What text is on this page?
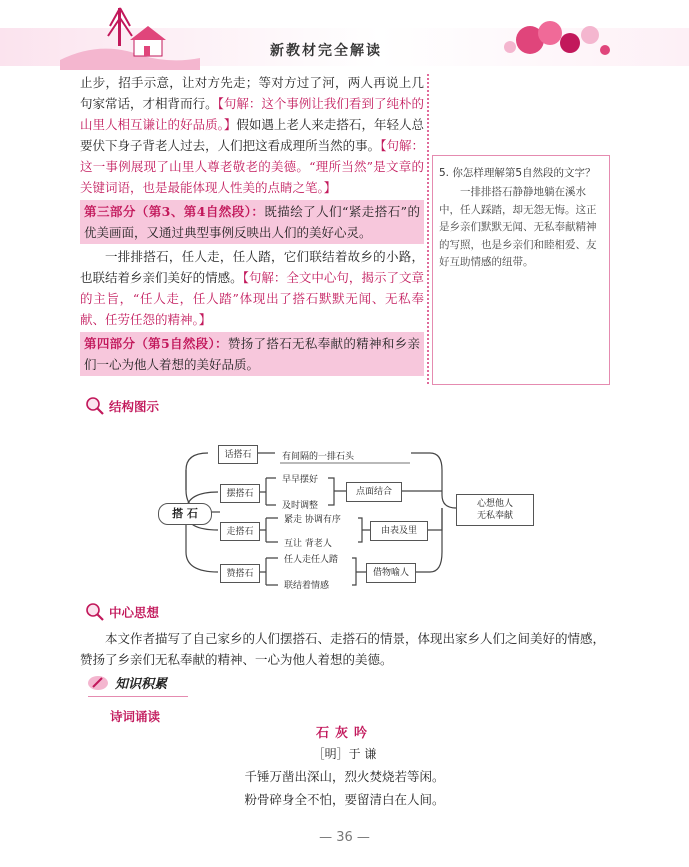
新教材完全解读

止步，招手示意，让对方先走；等对方过了河，两人再说上几句家常话，才相背而行。【句解：这个事例让我们看到了纯朴的山里人相互谦让的好品质。】假如遇上老人来走搭石，年轻人总要伏下身子背老人过去，人们把这看成理所当然的事。【句解：这一事例展现了山里人尊老敬老的美德。“理所当然”是文章的关键词语，也是最能体现人性美的点睛之笔。】

第三部分（第3、第4自然段）：既描绘了人们“紧走搭石”的优美画面，又通过典型事例反映出人们的美好心灵。

一排排搭石，任人走，任人踏，它们联结着故乡的小路，也联结着乡亲们美好的情感。【句解：全文中心句，揭示了文章的主旨，“任人走，任人踏”体现出了搭石默默无闻、无私奉献、任劳任怨的精神。】

第四部分（第5自然段）：赞扬了搭石无私奉献的精神和乡亲们一心为他人着想的美好品质。
5. 你怎样理解第5自然段的文字？
一排排搭石静静地躺在溪水中，任人踩踏，却无怨无悔。这正是乡亲们默默无闻、无私奉献精神的写照，也是乡亲们和睦相爱、友好互助情感的纽带。
结构图示
搭 石
话搭石	有间隔的一排石头
摆搭石
早早摆好
及时调整
点面结合
走搭石
紧走 协调有序
互让 背老人
由表及里
赞搭石
任人走任人踏
联结着情感
借物喻人
心想他人
无私奉献
中心思想

本文作者描写了自己家乡的人们摆搭石、走搭石的情景，体现出家乡人们之间美好的情感，赞扬了乡亲们无私奉献的精神、一心为他人着想的美德。

知识积累
诗词诵读
石灰吟
［明］于 谦
千锤万凿出深山，烈火焚烧若等闲。
粉骨碎身全不怕，要留清白在人间。
— 36 —
